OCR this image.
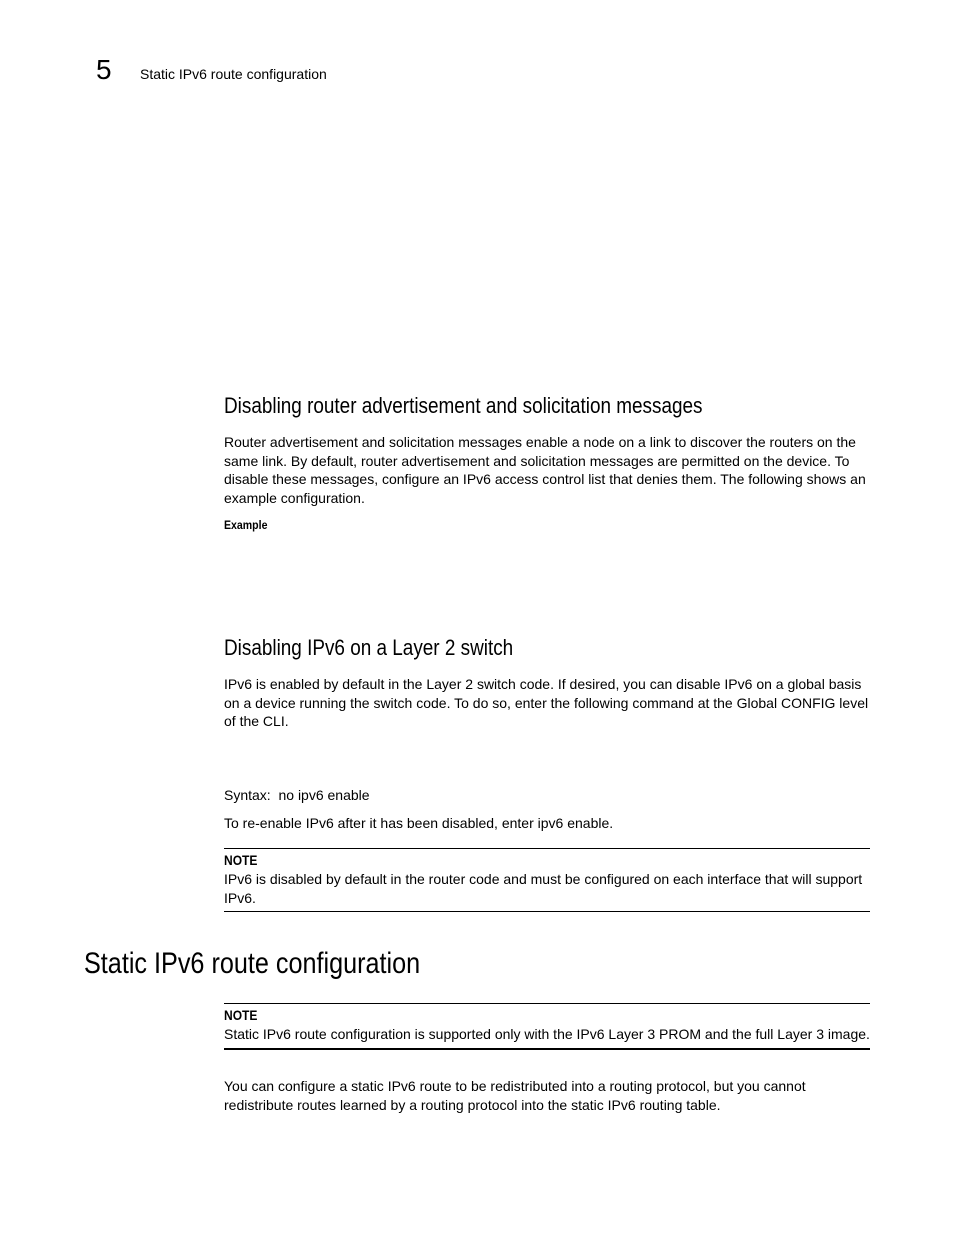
5 Static IPv6 route configuration
Disabling router advertisement and solicitation messages

Router advertisement and solicitation messages enable a node on a link to discover the routers on the same link. By default, router advertisement and solicitation messages are permitted on the device. To disable these messages, configure an IPv6 access control list that denies them. The following shows an example configuration.

Example
Disabling IPv6 on a Layer 2 switch

IPv6 is enabled by default in the Layer 2 switch code. If desired, you can disable IPv6 on a global basis on a device running the switch code. To do so, enter the following command at the Global CONFIG level of the CLI.

Syntax: no ipv6 enable

To re-enable IPv6 after it has been disabled, enter ipv6 enable.

NOTE
IPv6 is disabled by default in the router code and must be configured on each interface that will support IPv6.
Static IPv6 route configuration
NOTE
Static IPv6 route configuration is supported only with the IPv6 Layer 3 PROM and the full Layer 3 image.

You can configure a static IPv6 route to be redistributed into a routing protocol, but you cannot redistribute routes learned by a routing protocol into the static IPv6 routing table.
